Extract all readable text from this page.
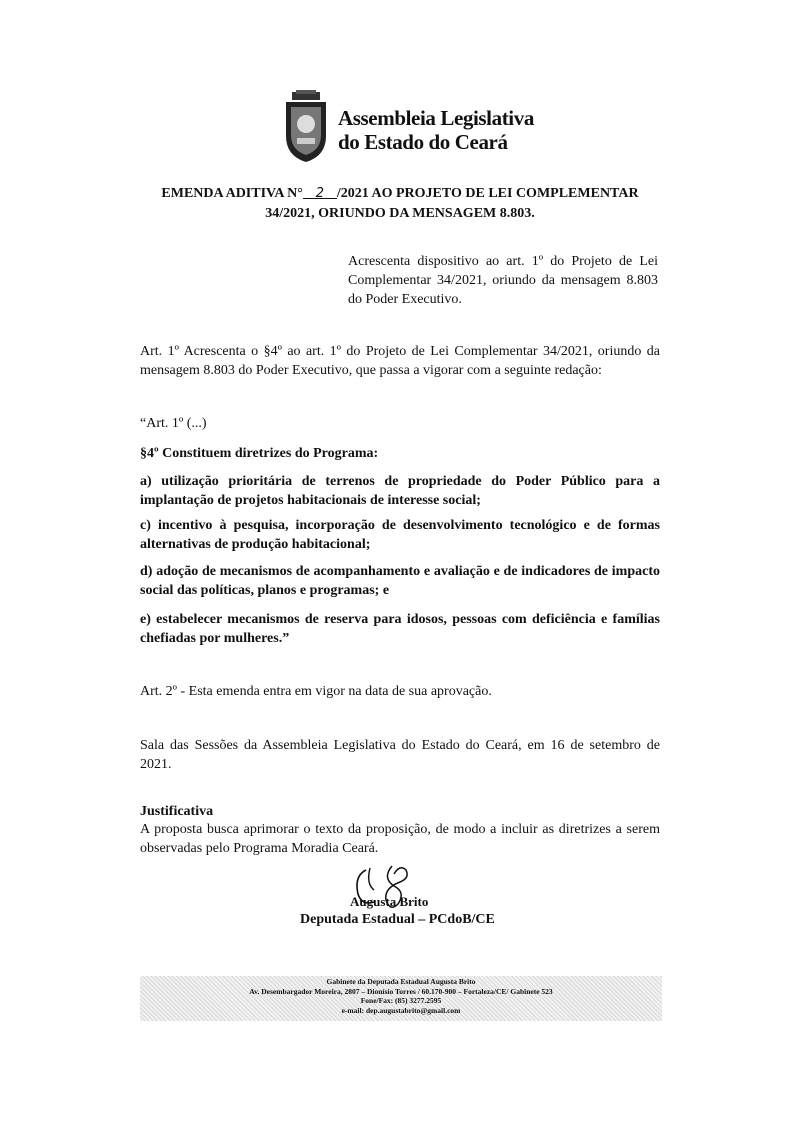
Assembleia Legislativa
do Estado do Ceará
EMENDA ADITIVA N° 2 /2021 AO PROJETO DE LEI COMPLEMENTAR
34/2021, ORIUNDO DA MENSAGEM 8.803.
Acrescenta dispositivo ao art. 1º do Projeto de Lei Complementar 34/2021, oriundo da mensagem 8.803 do Poder Executivo.
Art. 1º Acrescenta o §4º ao art. 1º do Projeto de Lei Complementar 34/2021, oriundo da mensagem 8.803 do Poder Executivo, que passa a vigorar com a seguinte redação:
“Art. 1º (...)
§4º Constituem diretrizes do Programa:
a) utilização prioritária de terrenos de propriedade do Poder Público para a implantação de projetos habitacionais de interesse social;
c) incentivo à pesquisa, incorporação de desenvolvimento tecnológico e de formas alternativas de produção habitacional;
d) adoção de mecanismos de acompanhamento e avaliação e de indicadores de impacto social das políticas, planos e programas; e
e) estabelecer mecanismos de reserva para idosos, pessoas com deficiência e famílias chefiadas por mulheres.”
Art. 2º - Esta emenda entra em vigor na data de sua aprovação.
Sala das Sessões da Assembleia Legislativa do Estado do Ceará, em 16 de setembro de 2021.
Justificativa
A proposta busca aprimorar o texto da proposição, de modo a incluir as diretrizes a serem observadas pelo Programa Moradia Ceará.
Augusta Brito
Deputada Estadual – PCdoB/CE
Gabinete da Deputada Estadual Augusta Brito
Av. Desembargador Moreira, 2807 – Dionísio Torres / 60.170-900 – Fortaleza/CE/ Gabinete 523
Fone/Fax: (85) 3277.2595
e-mail: dep.augustabrito@gmail.com
